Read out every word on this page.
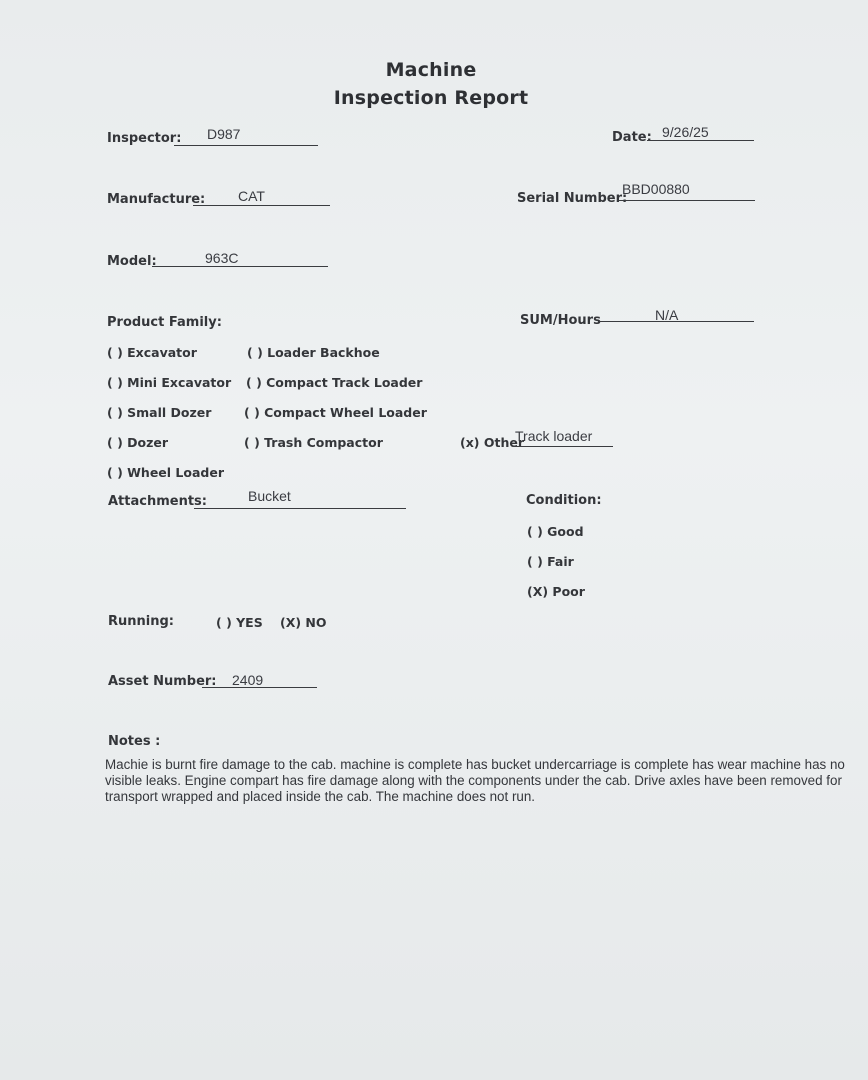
Machine
Inspection Report
Inspector: D987	Date: 9/26/25
Manufacture: CAT	Serial Number:
BBD00880
Model:	963C
Product Family:
( ) Excavator
( ) Mini Excavator
( ) Small Dozer
( ) Dozer
( ) Wheel Loader
( ) Loader Backhoe
( ) Compact Track Loader
( ) Compact Wheel Loader
( ) Trash Compactor	(x) Other
Track loader
SUM/Hours	N/A
Attachments:	Bucket	Condition:
( ) Good
( ) Fair
(X) Poor
Running:	( ) YES (X) NO
Asset Number: 2409
Notes :
Machie is burnt fire damage to the cab. machine is complete has bucket undercarriage is complete has wear machine has no visible leaks. Engine compart has fire damage along with the components under the cab. Drive axles have been removed for transport wrapped and placed inside the cab. The machine does not run.
